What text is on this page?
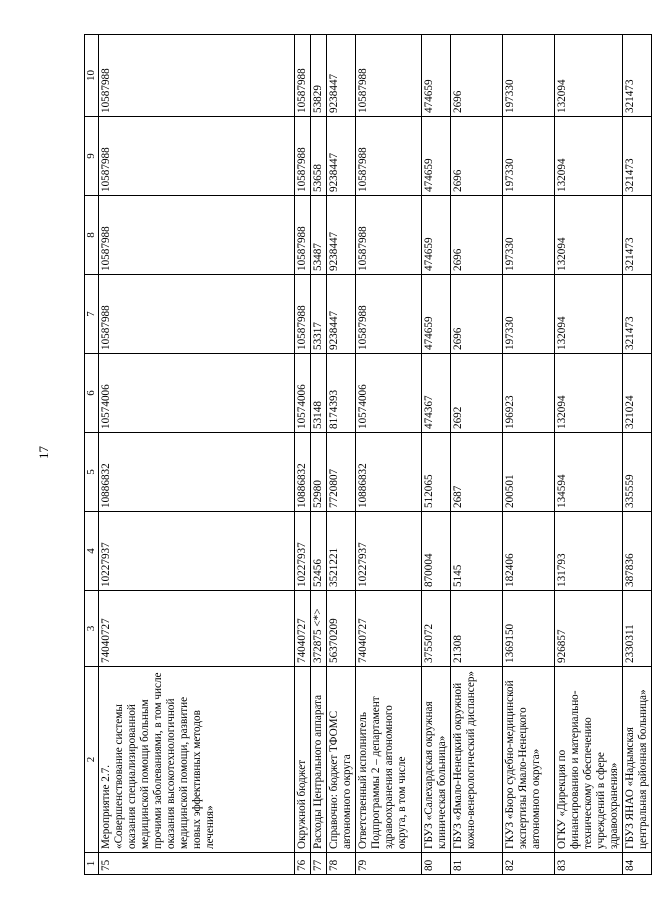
17
1	2	3	4	5	6	7	8	9	10
75	Мероприятие 2.7. «Совершенствование системы оказания специализированной медицинской помощи больным прочими заболеваниями, в том числе оказания высокотехнологичной медицинской помощи, развитие новых эффективных методов лечения»	74040727	10227937	10886832	10574006	10587988	10587988	10587988	10587988
76	Окружной бюджет	74040727	10227937	10886832	10574006	10587988	10587988	10587988	10587988
77	Расходы Центрального аппарата	372875 <*>	52456	52980	53148	53317	53487	53658	53829
78	Справочно: бюджет ТФОМС автономного округа	56370209	3521221	7720807	8174393	9238447	9238447	9238447	9238447
79	Ответственный исполнитель Подпрограммы 2 – департамент здравоохранения автономного округа, в том числе	74040727	10227937	10886832	10574006	10587988	10587988	10587988	10587988
80	ГБУЗ «Салехардская окружная клиническая больница»	3755072	870004	512065	474367	474659	474659	474659	474659
81	ГБУЗ «Ямало-Ненецкий окружной кожно-венерологический диспансер»	21308	5145	2687	2692	2696	2696	2696	2696
82	ГКУЗ «Бюро судебно-медицинской экспертизы Ямало-Ненецкого автономного округа»	1369150	182406	200501	196923	197330	197330	197330	197330
83	ОГКУ «Дирекция по финансированию и материально-техническому обеспечению учреждений в сфере здравоохранения»	926857	131793	134594	132094	132094	132094	132094	132094
84	ГБУЗ ЯНАО «Надымская центральная районная больница»	2330311	387836	335559	321024	321473	321473	321473	321473
